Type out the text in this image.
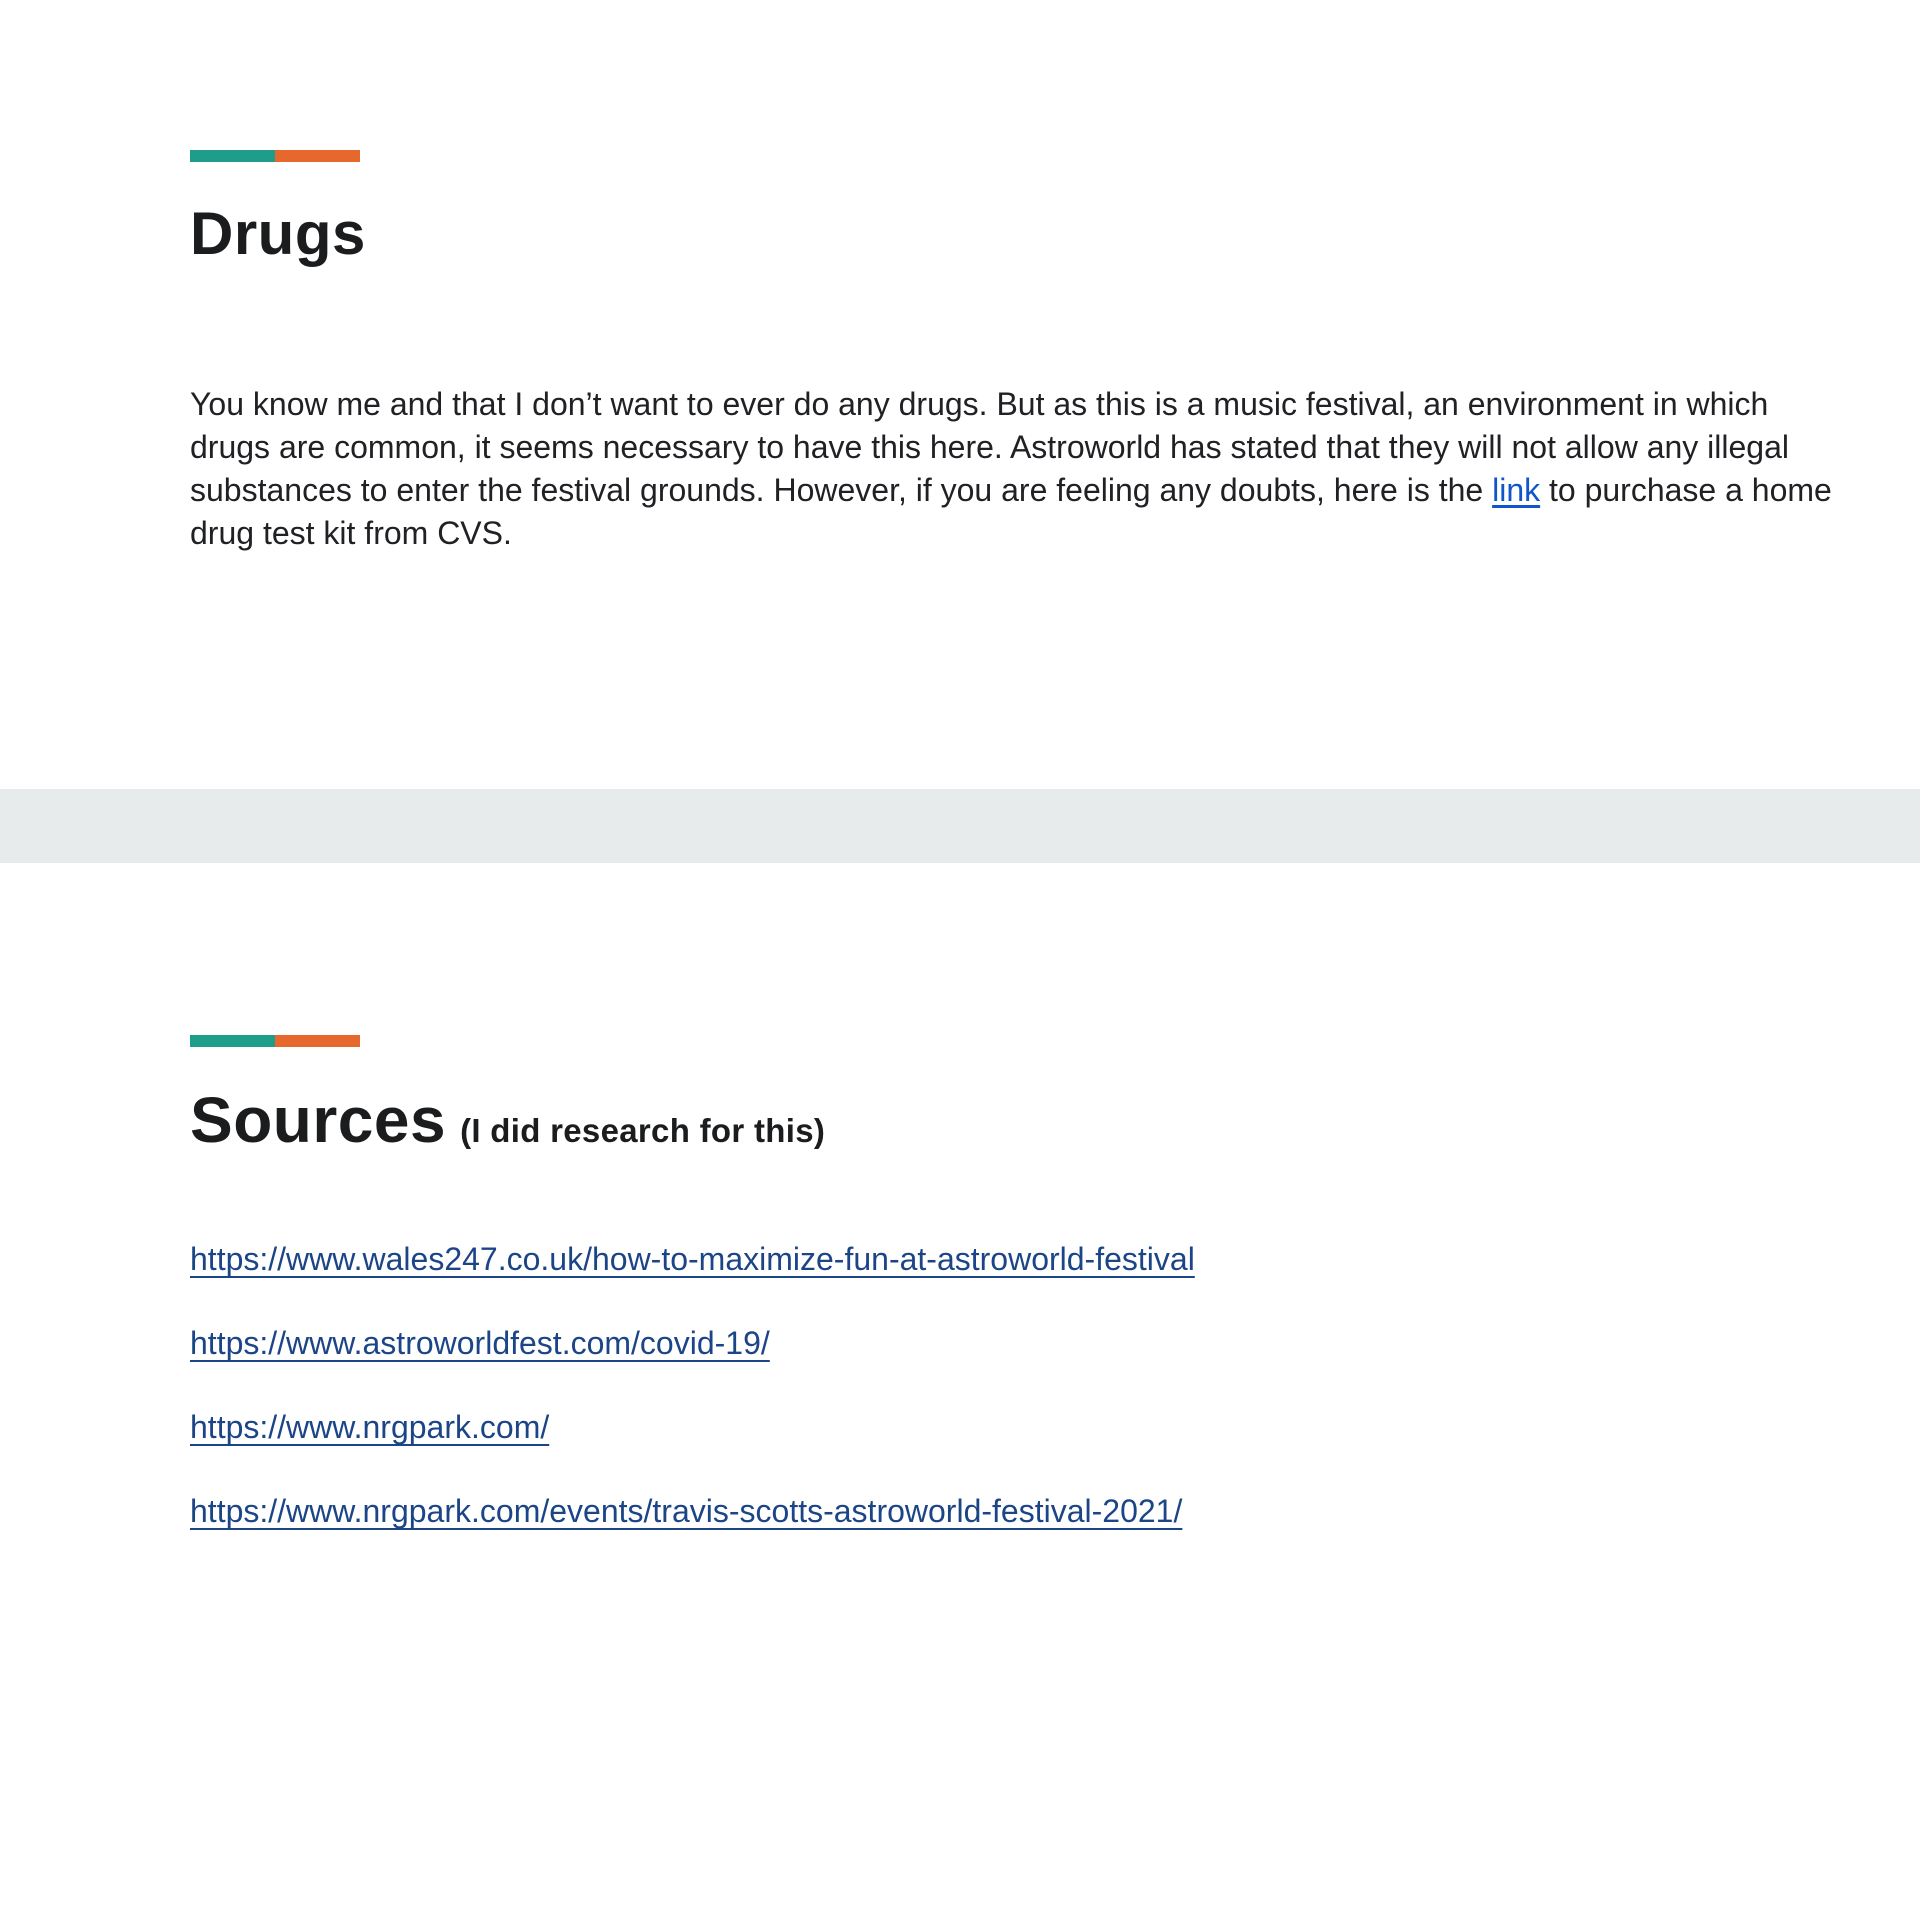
Drugs

You know me and that I don’t want to ever do any drugs. But as this is a music festival, an environment in which drugs are common, it seems necessary to have this here. Astroworld has stated that they will not allow any illegal substances to enter the festival grounds. However, if you are feeling any doubts, here is the link to purchase a home drug test kit from CVS.

Sources (I did research for this)
https://www.wales247.co.uk/how-to-maximize-fun-at-astroworld-festival
https://www.astroworldfest.com/covid-19/
https://www.nrgpark.com/
https://www.nrgpark.com/events/travis-scotts-astroworld-festival-2021/
